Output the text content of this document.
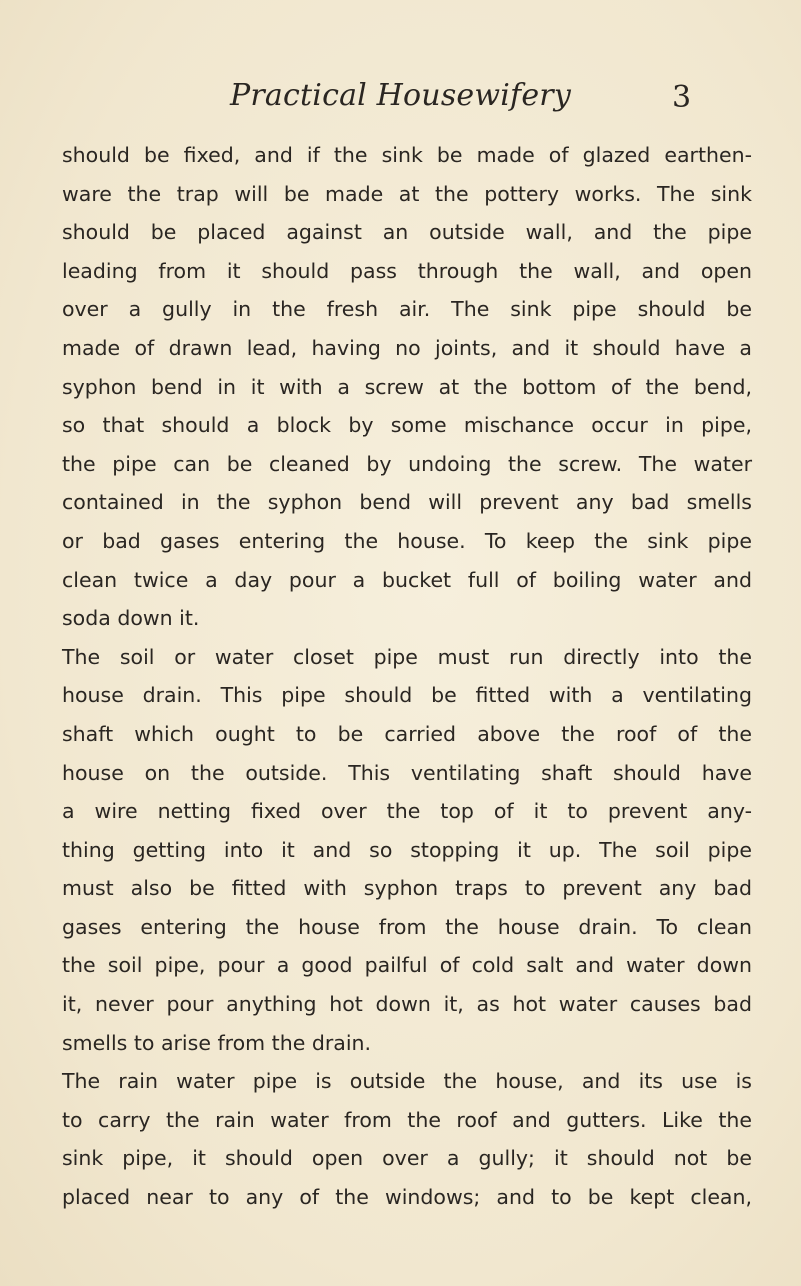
Practical Housewifery	3
should be fixed, and if the sink be made of glazed earthen-
ware the trap will be made at the pottery works. The sink
should be placed against an outside wall, and the pipe
leading from it should pass through the wall, and open
over a gully in the fresh air. The sink pipe should be
made of drawn lead, having no joints, and it should have a
syphon bend in it with a screw at the bottom of the bend,
so that should a block by some mischance occur in pipe,
the pipe can be cleaned by undoing the screw. The water
contained in the syphon bend will prevent any bad smells
or bad gases entering the house. To keep the sink pipe
clean twice a day pour a bucket full of boiling water and
soda down it.
The soil or water closet pipe must run directly into the
house drain. This pipe should be fitted with a ventilating
shaft which ought to be carried above the roof of the
house on the outside. This ventilating shaft should have
a wire netting fixed over the top of it to prevent any-
thing getting into it and so stopping it up. The soil pipe
must also be fitted with syphon traps to prevent any bad
gases entering the house from the house drain. To clean
the soil pipe, pour a good pailful of cold salt and water down
it, never pour anything hot down it, as hot water causes bad
smells to arise from the drain.
The rain water pipe is outside the house, and its use is
to carry the rain water from the roof and gutters. Like the
sink pipe, it should open over a gully; it should not be
placed near to any of the windows; and to be kept clean,
